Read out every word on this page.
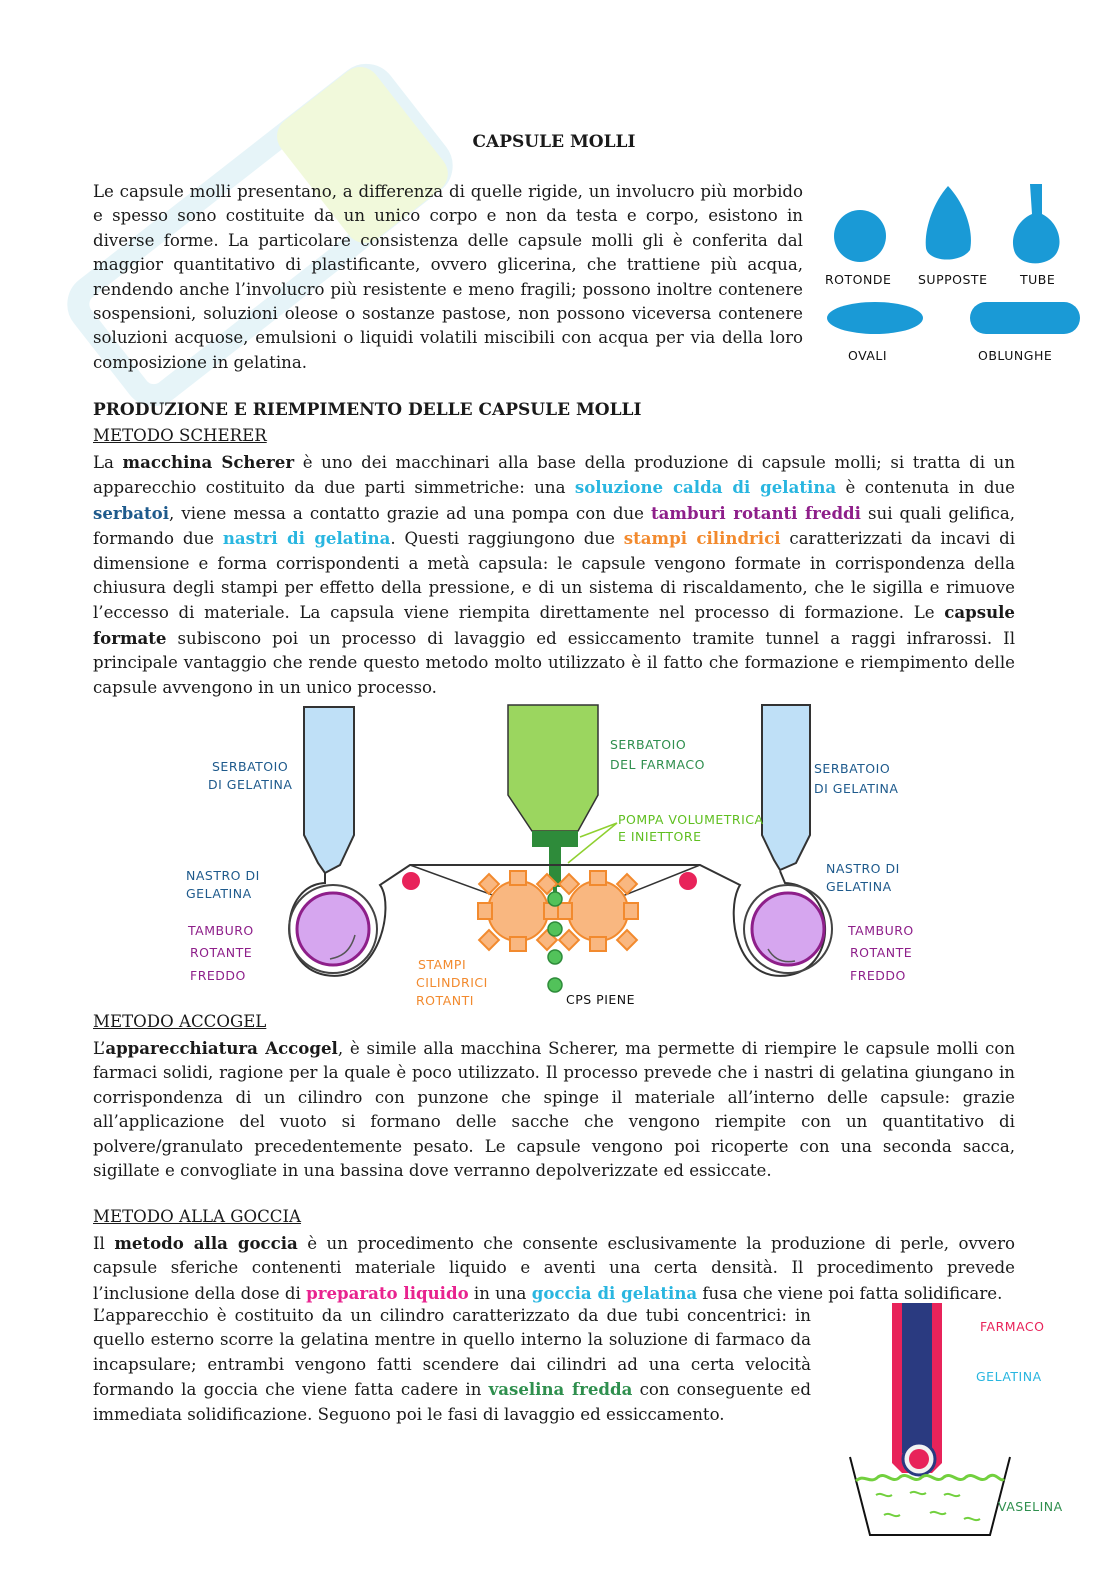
CAPSULE MOLLI

Le capsule molli presentano, a differenza di quelle rigide, un involucro più morbido e spesso sono costituite da un unico corpo e non da testa e corpo, esistono in diverse forme. La particolare consistenza delle capsule molli gli è conferita dal maggior quantitativo di plastificante, ovvero glicerina, che trattiene più acqua, rendendo anche l’involucro più resistente e meno fragili; possono inoltre contenere sospensioni, soluzioni oleose o sostanze pastose, non possono viceversa contenere soluzioni acquose, emulsioni o liquidi volatili miscibili con acqua per via della loro composizione in gelatina.

ROTONDE SUPPOSTE	TUBE
OVALI	OBLUNGHE
PRODUZIONE E RIEMPIMENTO DELLE CAPSULE MOLLI
METODO SCHERER

La macchina Scherer è uno dei macchinari alla base della produzione di capsule molli; si tratta di un apparecchio costituito da due parti simmetriche: una soluzione calda di gelatina è contenuta in due serbatoi, viene messa a contatto grazie ad una pompa con due tamburi rotanti freddi sui quali gelifica, formando due nastri di gelatina. Questi raggiungono due stampi cilindrici caratterizzati da incavi di dimensione e forma corrispondenti a metà capsula: le capsule vengono formate in corrispondenza della chiusura degli stampi per effetto della pressione, e di un sistema di riscaldamento, che le sigilla e rimuove l’eccesso di materiale. La capsula viene riempita direttamente nel processo di formazione. Le capsule formate subiscono poi un processo di lavaggio ed essiccamento tramite tunnel a raggi infrarossi. Il principale vantaggio che rende questo metodo molto utilizzato è il fatto che formazione e riempimento delle capsule avvengono in un unico processo.

SERBATOIO
DI GELATINA
SERBATOIO
DEL FARMACO
POMPA VOLUMETRICA
E INIETTORE
SERBATOIO
DI GELATINA
NASTRO DI
GELATINA
NASTRO DI
GELATINA
TAMBURO
ROTANTE
FREDDO
TAMBURO
ROTANTE
FREDDO
STAMPI
CILINDRICI
ROTANTI	CPS PIENE
METODO ACCOGEL

L’apparecchiatura Accogel, è simile alla macchina Scherer, ma permette di riempire le capsule molli con farmaci solidi, ragione per la quale è poco utilizzato. Il processo prevede che i nastri di gelatina giungano in corrispondenza di un cilindro con punzone che spinge il materiale all’interno delle capsule: grazie all’applicazione del vuoto si formano delle sacche che vengono riempite con un quantitativo di polvere/granulato precedentemente pesato. Le capsule vengono poi ricoperte con una seconda sacca, sigillate e convogliate in una bassina dove verranno depolverizzate ed essiccate.

METODO ALLA GOCCIA

Il metodo alla goccia è un procedimento che consente esclusivamente la produzione di perle, ovvero capsule sferiche contenenti materiale liquido e aventi una certa densità. Il procedimento prevede l’inclusione della dose di preparato liquido in una goccia di gelatina fusa che viene poi fatta solidificare.

L’apparecchio è costituito da un cilindro caratterizzato da due tubi concentrici: in quello esterno scorre la gelatina mentre in quello interno la soluzione di farmaco da incapsulare; entrambi vengono fatti scendere dai cilindri ad una certa velocità formando la goccia che viene fatta cadere in vaselina fredda con conseguente ed immediata solidificazione. Seguono poi le fasi di lavaggio ed essiccamento.

FARMACO
GELATINA
VASELINA
